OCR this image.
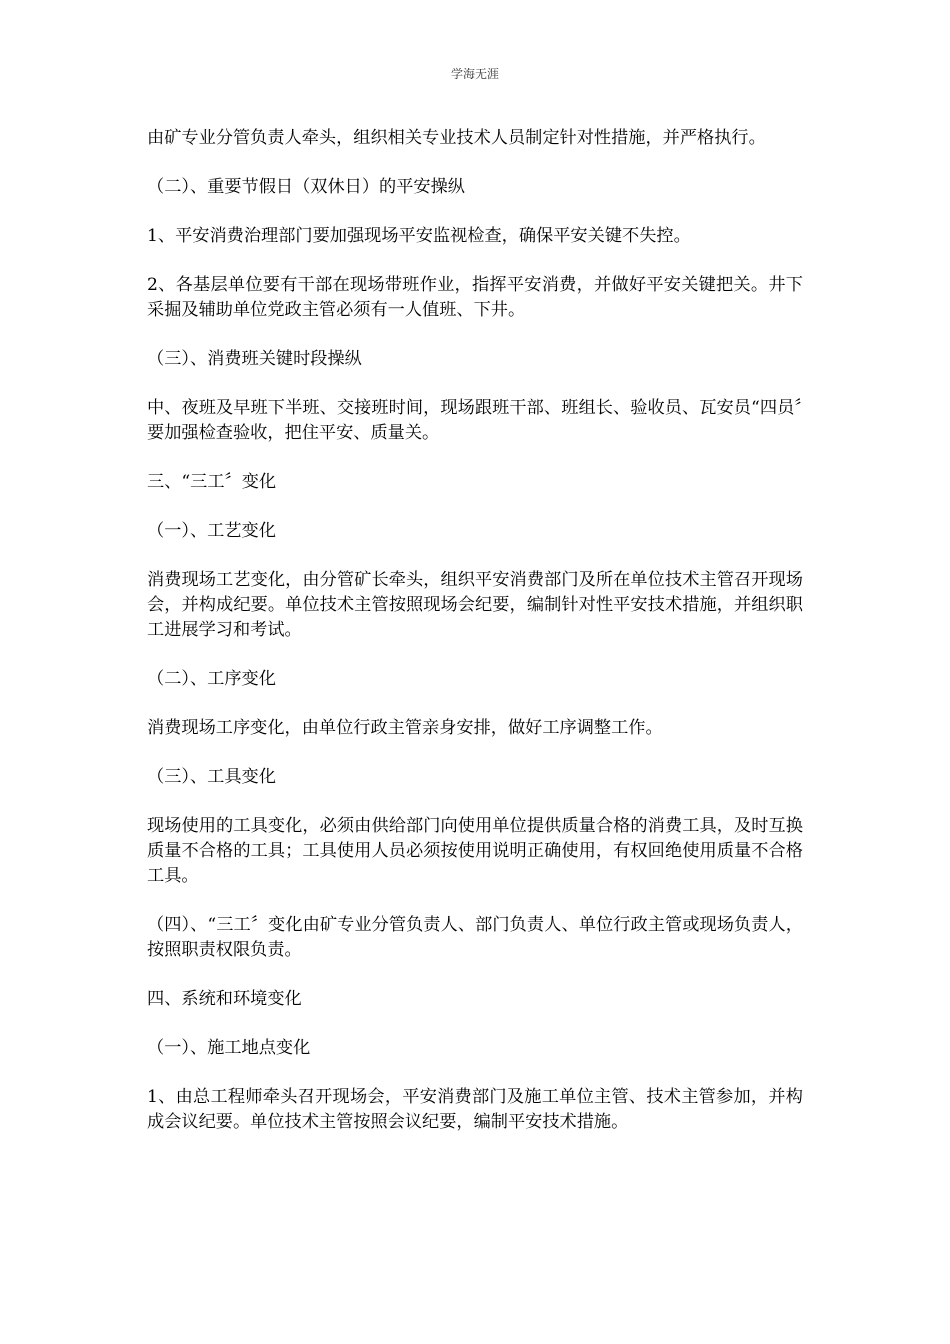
学海无涯

由矿专业分管负责人牵头，组织相关专业技术人员制定针对性措施，并严格执行。

（二）、重要节假日（双休日）的平安操纵

1、平安消费治理部门要加强现场平安监视检查，确保平安关键不失控。

2、各基层单位要有干部在现场带班作业，指挥平安消费，并做好平安关键把关。井下采掘及辅助单位党政主管必须有一人值班、下井。

（三）、消费班关键时段操纵

中、夜班及早班下半班、交接班时间，现场跟班干部、班组长、验收员、瓦安员“四员〞要加强检查验收，把住平安、质量关。

三、“三工〞变化

（一）、工艺变化

消费现场工艺变化，由分管矿长牵头，组织平安消费部门及所在单位技术主管召开现场会，并构成纪要。单位技术主管按照现场会纪要，编制针对性平安技术措施，并组织职工进展学习和考试。

（二）、工序变化

消费现场工序变化，由单位行政主管亲身安排，做好工序调整工作。

（三）、工具变化

现场使用的工具变化，必须由供给部门向使用单位提供质量合格的消费工具，及时互换质量不合格的工具；工具使用人员必须按使用说明正确使用，有权回绝使用质量不合格工具。

（四）、“三工〞变化由矿专业分管负责人、部门负责人、单位行政主管或现场负责人，按照职责权限负责。

四、系统和环境变化

（一）、施工地点变化

1、由总工程师牵头召开现场会，平安消费部门及施工单位主管、技术主管参加，并构成会议纪要。单位技术主管按照会议纪要，编制平安技术措施。
